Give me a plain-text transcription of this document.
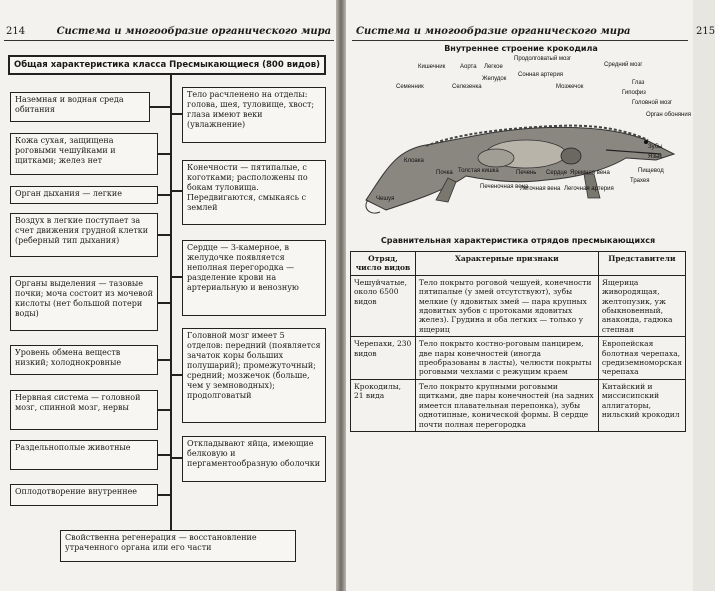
214	Система и многообразие органического мира
Общая характеристика класса Пресмыкающиеся (800 видов)
Наземная и водная среда обитания
Кожа сухая, защищена роговыми чешуйками и щитками; желез нет
Орган дыхания — легкие
Воздух в легкие поступает за счет движения грудной клетки (реберный тип дыхания)
Органы выделения — тазовые почки; моча состоит из мочевой кислоты (нет большой потери воды)
Уровень обмена веществ низкий; холоднокровные
Нервная система — головной мозг, спинной мозг, нервы
Раздельнополые животные
Оплодотворение внутреннее
Тело расчленено на отделы: голова, шея, туловище, хвост; глаза имеют веки (увлажнение)
Конечности — пятипалые, с коготками; расположены по бокам туловища. Передвигаются, смыкаясь с землей
Сердце — 3-камерное, в желудочке появляется неполная перегородка — разделение крови на артериальную и венозную
Головной мозг имеет 5 отделов: передний (появляется зачаток коры больших полушарий); промежуточный; средний; мозжечок (больше, чем у земноводных); продолговатый
Откладывают яйца, имеющие белковую и пергаментообразную оболочки
Свойственна регенерация — восстановление утраченного органа или его части
Система и многообразие органического мира	215
Внутреннее строение крокодила
Кишечник Аорта Легкое
Продолговатый мозг
Средний мозг
Семенник	Селезенка
Желудок
Сонная артерия
Мозжечок
Глаз
Гипофиз
Головной мозг
Орган обоняния
Зубы
Язык
Пищевод
Трахея
Клоака
Почка Толстая кишка
Печеночная вена
Печень Сердце Яремная вена
Легочная вена Легочная артерия
Чешуя
Сравнительная характеристика отрядов пресмыкающихся
Отряд, число видов	Характерные признаки	Представители
Чешуйчатые, около 6500 видов	Тело покрыто роговой чешуей, конечности пятипалые (у змей отсутствуют), зубы мелкие (у ядовитых змей — пара крупных ядовитых зубов с протоками ядовитых желез). Грудина и оба легких — только у ящериц	Ящерица живородящая, желтопузик, уж обыкновенный, анаконда, гадюка степная
Черепахи, 230 видов	Тело покрыто костно-роговым панцирем, две пары конечностей (иногда преобразованы в ласты), челюсти покрыты роговыми чехлами с режущим краем	Европейская болотная черепаха, средиземноморская черепаха
Крокодилы, 21 вида	Тело покрыто крупными роговыми щитками, две пары конечностей (на задних имеется плавательная перепонка), зубы однотипные, конической формы. В сердце почти полная перегородка	Китайский и миссисипский аллигаторы, нильский крокодил
